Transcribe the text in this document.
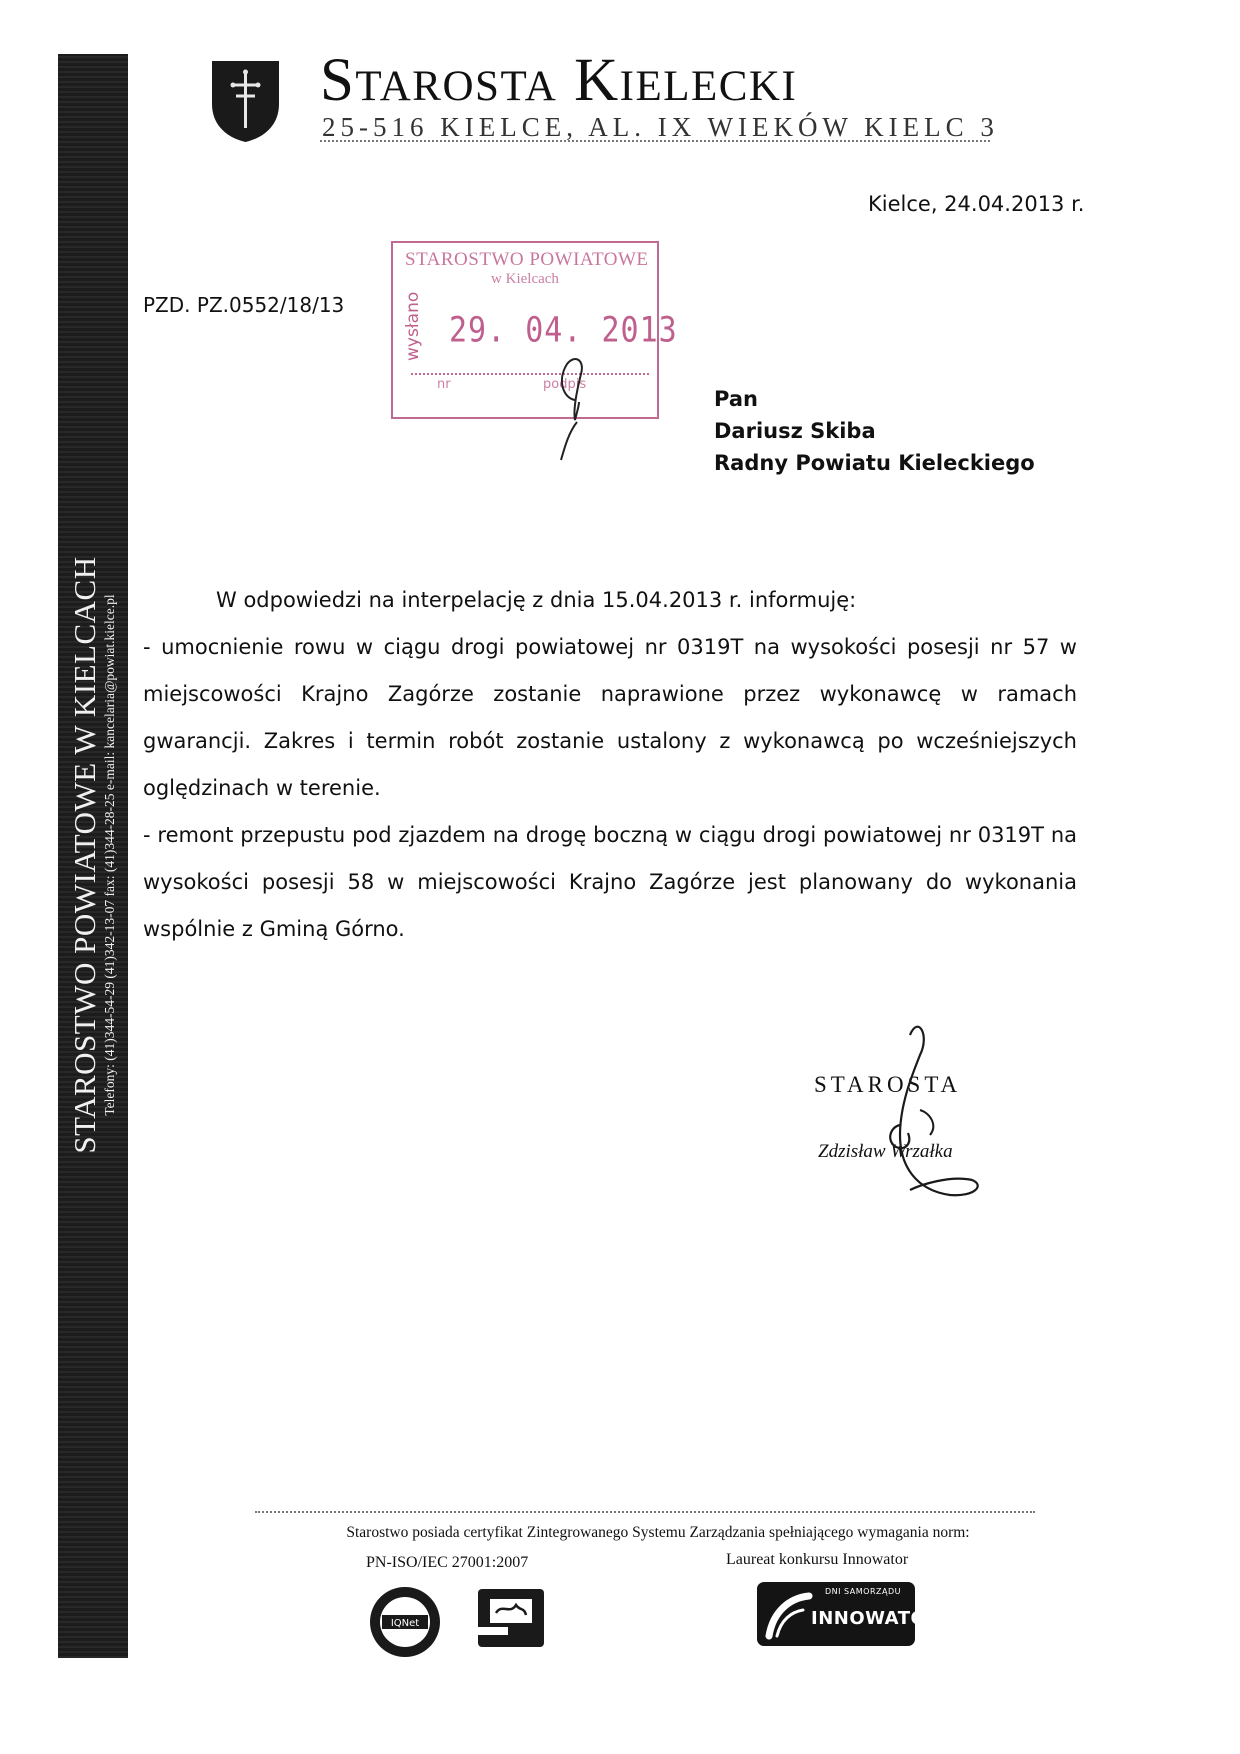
STAROSTWO POWIATOWE W KIELCACH Telefony: (41)344-54-29 (41)342-13-07 fax: (41)344-28-25 e-mail: kancelaria@powiat.kielce.pl
Starosta Kielecki
25-516 KIELCE, AL. IX WIEKÓW KIELC 3
Kielce, 24.04.2013 r.
PZD. PZ.0552/18/13
STAROSTWO POWIATOWE
w Kielcach
wysłano 29. 04. 2013
nr	podpis
Pan
Dariusz Skiba
Radny Powiatu Kieleckiego

W odpowiedzi na interpelację z dnia 15.04.2013 r. informuję:

- umocnienie rowu w ciągu drogi powiatowej nr 0319T na wysokości posesji nr 57 w miejscowości Krajno Zagórze zostanie naprawione przez wykonawcę w ramach gwarancji. Zakres i termin robót zostanie ustalony z wykonawcą po wcześniejszych oględzinach w terenie.

- remont przepustu pod zjazdem na drogę boczną w ciągu drogi powiatowej nr 0319T na wysokości posesji 58 w miejscowości Krajno Zagórze jest planowany do wykonania wspólnie z Gminą Górno.

STAROSTA
Zdzisław Wrzałka
Starostwo posiada certyfikat Zintegrowanego Systemu Zarządzania spełniającego wymagania norm:
PN-ISO/IEC 27001:2007	Laureat konkursu Innowator
IQNet
DNI SAMORZĄDU
INNOWATOR
